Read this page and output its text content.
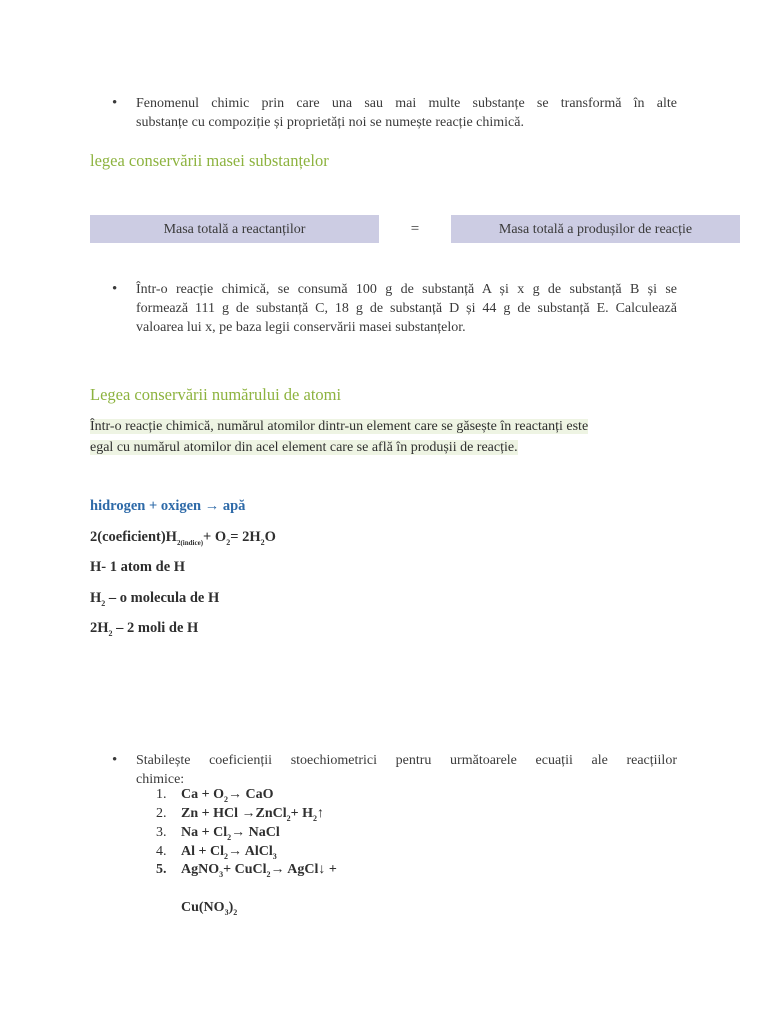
• Fenomenul chimic prin care una sau mai multe substanțe se transformă în alte
substanțe cu compoziție și proprietăți noi se numește reacție chimică.
legea conservării masei substanțelor
Masa totală a reactanților	=	Masa totală a produșilor de reacție
• Într-o reacție chimică, se consumă 100 g de substanță A și x g de substanță B și se
formează 111 g de substanță C, 18 g de substanță D și 44 g de substanță E. Calculează
valoarea lui x, pe baza legii conservării masei substanțelor.
Legea conservării numărului de atomi
Într-o reacție chimică, numărul atomilor dintr-un element care se găsește în reactanți este
egal cu numărul atomilor din acel element care se află în produșii de reacție.
hidrogen + oxigen → apă
$2(coeficient)H_{2(indice)}+ O_2= 2H_2O$
H- 1 atom de H
$H_2$ – o molecula de H
$2H_2 - 2$ moli de H
• Stabilește coeficienții stoechiometrici pentru următoarele ecuații ale reacțiilor
chimice:
1. $Ca + O_2\to$ CaO
2. Zn + HCl →ZnCl$_2$+ $H_2↑$
3. $Na + Cl_2\to$ NaCl
4. $Al + Cl_2\to$ AlCl$_3$
5. AgNO$_3$+ CuCl$_2$→ AgCl↓ +
$Cu(NO_3)_2$
